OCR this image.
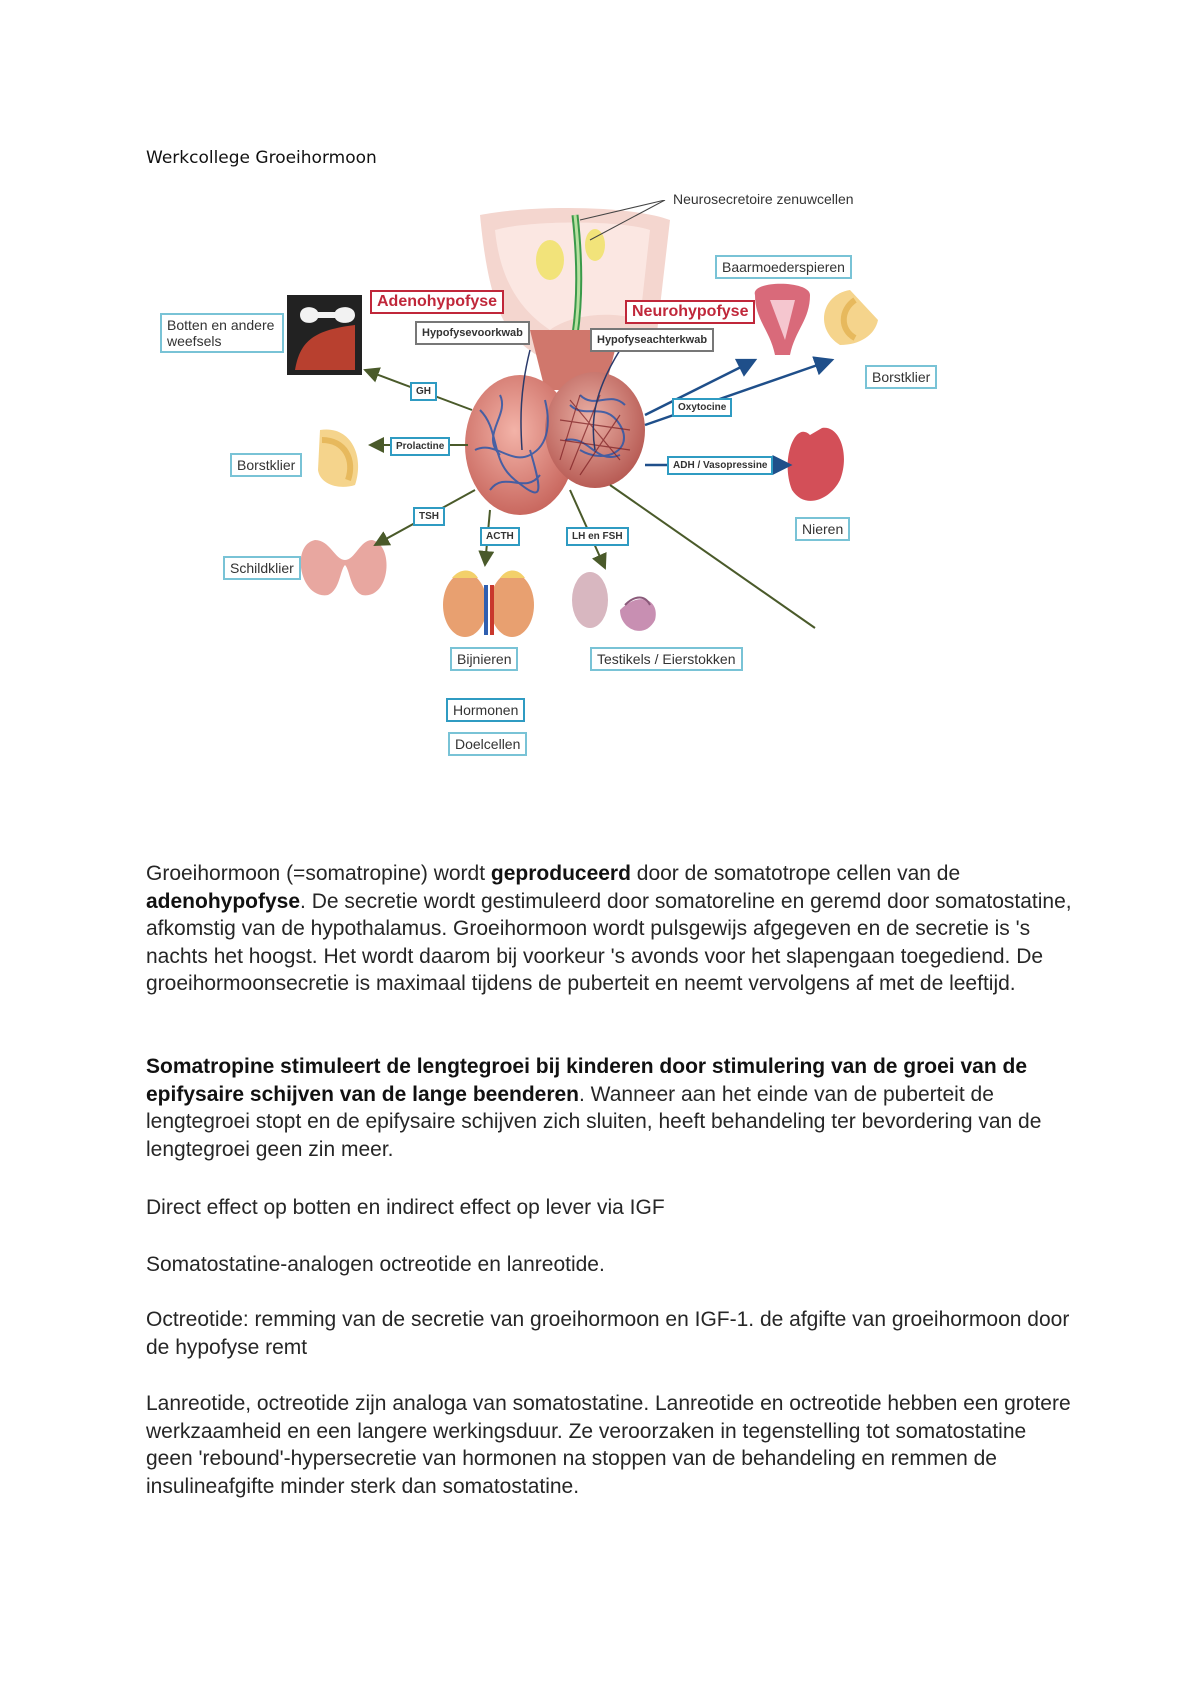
Werkcollege Groeihormoon
Neurosecretoire zenuwcellen
Baarmoederspieren
Adenohypofyse
Neurohypofyse
Hypofysevoorkwab
Hypofyseachterkwab
Botten en andere weefsels
Borstklier
Borstklier
Nieren
Schildklier
Bijnieren	Testikels / Eierstokken
Hormonen
Doelcellen
GH
Prolactine
TSH
ACTH	LH en FSH
Oxytocine
ADH / Vasopressine

Groeihormoon (=somatropine) wordt geproduceerd door de somatotrope cellen van de adenohypofyse. De secretie wordt gestimuleerd door somatoreline en geremd door somatostatine, afkomstig van de hypothalamus. Groeihormoon wordt pulsgewijs afgegeven en de secretie is 's nachts het hoogst. Het wordt daarom bij voorkeur 's avonds voor het slapengaan toegediend. De groeihormoonsecretie is maximaal tijdens de puberteit en neemt vervolgens af met de leeftijd.

Somatropine stimuleert de lengtegroei bij kinderen door stimulering van de groei van de epifysaire schijven van de lange beenderen. Wanneer aan het einde van de puberteit de lengtegroei stopt en de epifysaire schijven zich sluiten, heeft behandeling ter bevordering van de lengtegroei geen zin meer.

Direct effect op botten en indirect effect op lever via IGF

Somatostatine-analogen octreotide en lanreotide.

Octreotide: remming van de secretie van groeihormoon en IGF-1. de afgifte van groeihormoon door de hypofyse remt

Lanreotide, octreotide zijn analoga van somatostatine. Lanreotide en octreotide hebben een grotere werkzaamheid en een langere werkingsduur. Ze veroorzaken in tegenstelling tot somatostatine geen 'rebound'-hypersecretie van hormonen na stoppen van de behandeling en remmen de insulineafgifte minder sterk dan somatostatine.
